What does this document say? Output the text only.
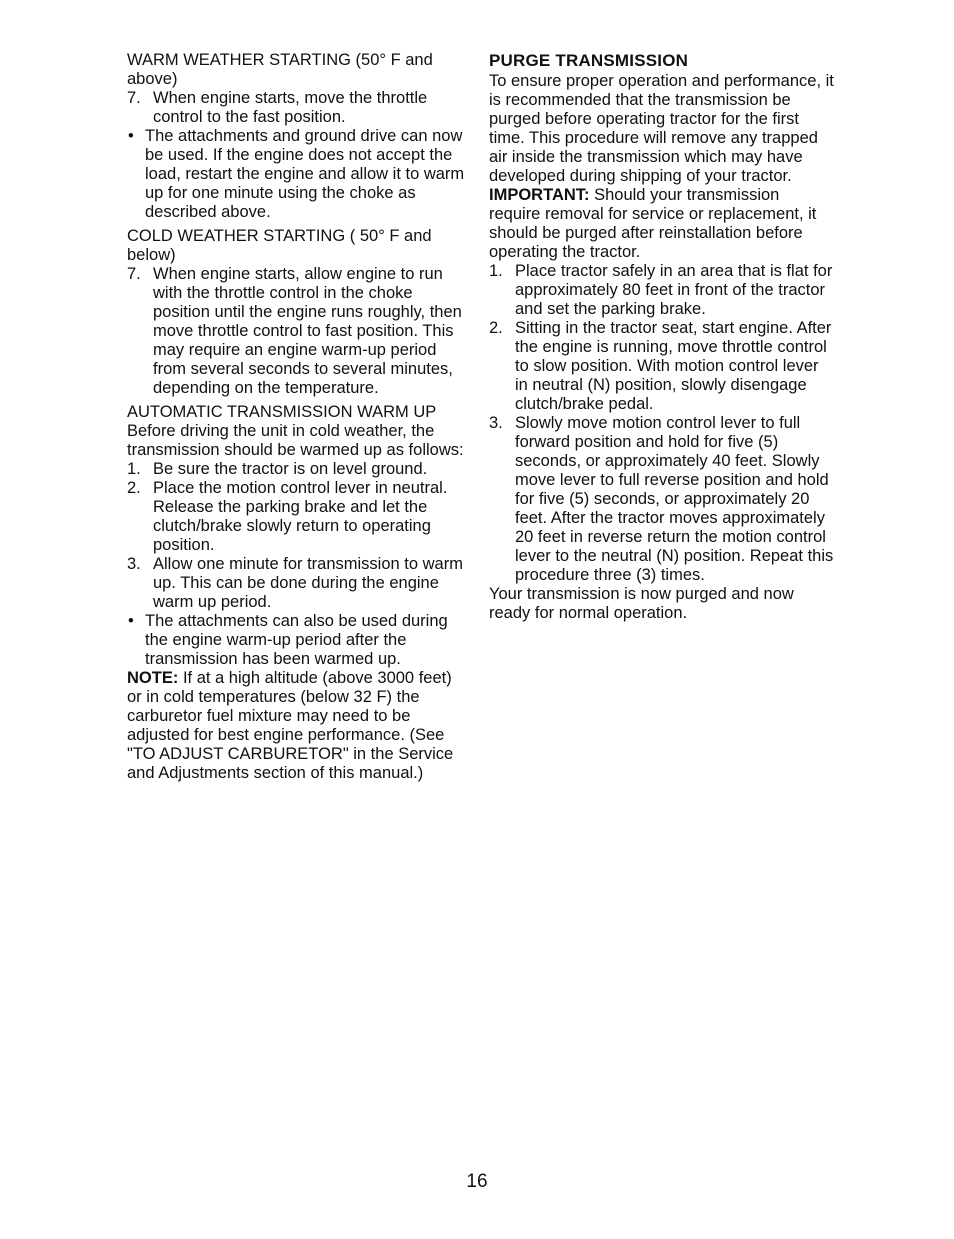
WARM WEATHER STARTING (50° F and above)

7. When engine starts, move the throttle control to the fast position.
• The attachments and ground drive can now be used. If the engine does not accept the load, restart the engine and allow it to warm up for one minute using the choke as described above.

COLD WEATHER STARTING ( 50° F and below)

7. When engine starts, allow engine to run with the throttle control in the choke position until the engine runs roughly, then move throttle control to fast position. This may require an engine warm-up period from several seconds to several minutes, depending on the temperature.

AUTOMATIC TRANSMISSION WARM UP

Before driving the unit in cold weather, the transmission should be warmed up as follows:

1. Be sure the tractor is on level ground.
2. Place the motion control lever in neutral. Release the parking brake and let the clutch/brake slowly return to operating position.
3. Allow one minute for transmission to warm up. This can be done during the engine warm up period.
• The attachments can also be used during the engine warm-up period after the transmission has been warmed up.

NOTE: If at a high altitude (above 3000 feet) or in cold temperatures (below 32 F) the carburetor fuel mixture may need to be adjusted for best engine performance. (See "TO ADJUST CARBURETOR" in the Service and Adjustments section of this manual.)

PURGE TRANSMISSION

To ensure proper operation and performance, it is recommended that the transmission be purged before operating tractor for the first time. This procedure will remove any trapped air inside the transmission which may have developed during shipping of your tractor.

IMPORTANT: Should your transmission require removal for service or replacement, it should be purged after reinstallation before operating the tractor.

1. Place tractor safely in an area that is flat for approximately 80 feet in front of the tractor and set the parking brake.
2. Sitting in the tractor seat, start engine. After the engine is running, move throttle control to slow position. With motion control lever in neutral (N) position, slowly disengage clutch/brake pedal.
3. Slowly move motion control lever to full forward position and hold for five (5) seconds, or approximately 40 feet. Slowly move lever to full reverse position and hold for five (5) seconds, or approximately 20 feet. After the tractor moves approximately 20 feet in reverse return the motion control lever to the neutral (N) position. Repeat this procedure three (3) times.

Your transmission is now purged and now ready for normal operation.

16
